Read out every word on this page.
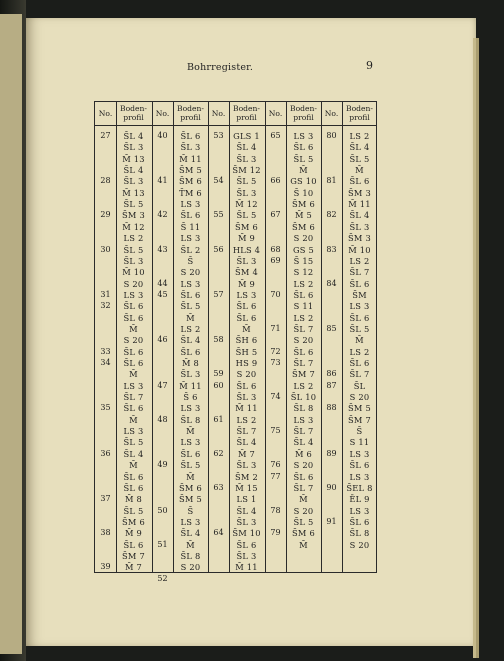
Bohrregister.	9
No.
Boden-
profil
27
28
29
30
31
32
33
34
35
36
37
38
39
S̄L 4
S̄L 3
M̄ 13
S̄L 4
S̄L 3
M̄ 13
S̄L 5
S̄M 3
M̄ 12
LS 2
S̄L 5
S̄L 3
M̄ 10
S 20
LS 3
S̄L 6
S̄L 6
M̄
S 20
S̄L 6
S̄L 6
M̄
LS 3
S̄L 7
S̄L 6
M̄
LS 3
S̄L 5
S̄L 4
M̄
S̄L 6
S̄L 6
M̄ 8
S̄L 5
S̄M 6
M̄ 9
S̄L 6
S̄M 7
M̄ 7
No.
Boden-
profil
40
41
42
43
44
45
46
47
48
49
50
51
52
S̄L 6
S̄L 3
M̄ 11
S̄M 5
S̄M 6
T̄M 6
LS 3
S̄L 6
S̄ 11
LS 3
S̄L 2
S̄
S 20
LS 3
S̄L 6
S̄L 5
M̄
LS 2
S̄L 4
S̄L 6
M̄ 8
S̄L 3
M̄ 11
S̄ 6
LS 3
S̄L 8
M̄
LS 3
S̄L 6
S̄L 5
M̄
S̄M 6
S̄M 5
S̄
LS 3
S̄L 4
M̄
S̄L 8
S 20
No.
Boden-
profil
53
54
55
56
57
58
59
60
61
62
63
64
GLS 1
S̄L 4
S̄L 3
S̄M 12
S̄L 5
S̄L 3
M̄ 12
S̄L 5
S̄M 6
M̄ 9
HLS 4
S̄L 3
S̄M 4
M̄ 9
LS 3
S̄L 6
S̄L 6
M̄
S̄H 6
S̄H 5
HS 9
S 20
S̄L 6
S̄L 3
M̄ 11
LS 2
S̄L 7
S̄L 4
M̄ 7
S̄L 3
S̄M 2
M̄ 15
LS 1
S̄L 4
S̄L 3
S̄M 10
S̄L 6
S̄L 3
M̄ 11
No.
Boden-
profil
65
66
67
68
69
70
71
72
73
74
75
76
77
78
79
LS 3
S̄L 6
S̄L 5
M̄
GS 10
S̄ 10
S̄M 6
M̄ 5
S̄M 6
S 20
GS 5
S̄ 15
S 12
LS 2
S̄L 6
S 11
LS 2
S̄L 7
S 20
S̄L 6
S̄L 7
S̄M 7
LS 2
S̄L 10
S̄L 8
LS 3
S̄L 7
S̄L 4
M̄ 6
S 20
S̄L 6
S̄L 7
M̄
S 20
S̄L 5
S̄M 6
M̄
No.
Boden-
profil
80
81
82
83
84
85
86
87
88
89
90
91
LS 2
S̄L 4
S̄L 5
M̄
S̄L 6
S̄M 3
M̄ 11
S̄L 4
S̄L 3
S̄M 3
M̄ 10
LS 2
S̄L 7
S̄L 6
S̄M
LS 3
S̄L 6
S̄L 5
M̄
LS 2
S̄L 6
S̄L 7
S̄L
S 20
S̄M 5
S̄M 7
S̄
S 11
LS 3
S̄L 6
LS 3
S̄EL 8
ĒL 9
LS 3
S̄L 6
S̄L 8
S 20
